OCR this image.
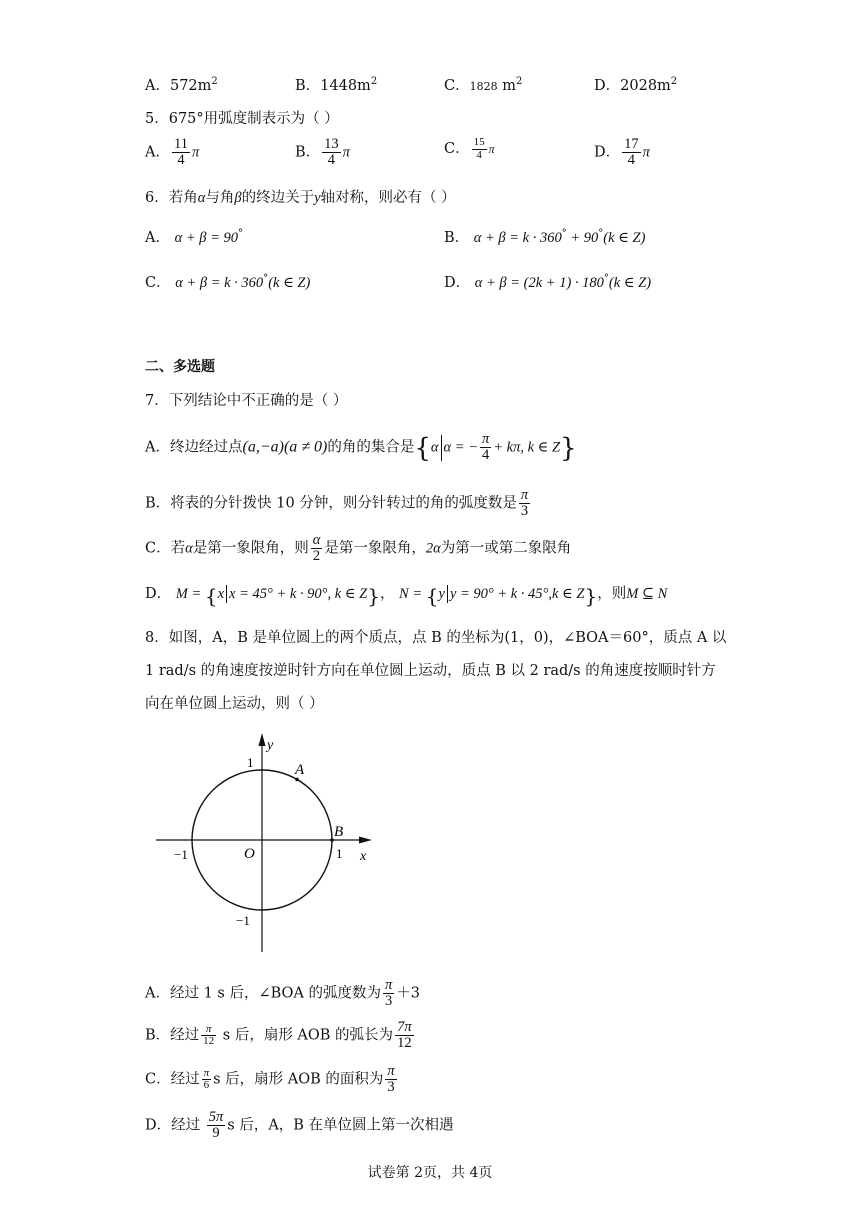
A．$572m^2$	B．$1448m^2$	C．1828 $m^2$	D．$2028m^2$
5．675°用弧度制表示为（ ）
A． $\frac{11}{4}$ π	B． $\frac{13}{4}$ π	C． $\frac{15}{4}$ π	D． $\frac{17}{4}$ π
6．若角α与角β的终边关于y轴对称，则必有（ ）
A． α + β = 90°	B． α + β = k · 360° + 90°(k ∈ Z)
C． α + β = k · 360°(k ∈ Z)	D． α + β = (2k + 1) · 180°(k ∈ Z)
二、多选题
7．下列结论中不正确的是（ ）
A．终边经过点(a,−a)(a ≠ 0)的角的集合是{α α = − $\frac{\pi}{4} + k\pi$, k ∈ Z}
B．将表的分针拨快 10 分钟，则分针转过的角的弧度数是 $\frac{\pi}{3}$
C．若α是第一象限角，则 $\frac{\alpha}{2}$ 是第一象限角，2α为第一或第二象限角
D． M = {x x = 45° + k · 90°, k ∈ Z}， N = {y y = 90° + k · 45°,k ∈ Z}，则M ⊆ N
8．如图，A，B 是单位圆上的两个质点，点 B 的坐标为(1，0)，∠BOA＝60°，质点 A 以
1 rad/s 的角速度按逆时针方向在单位圆上运动，质点 B 以 2 rad/s 的角速度按顺时针方
向在单位圆上运动，则（ ）
y
x
A
B
O
1
−1
1
−1
A．经过 1 s 后，∠BOA 的弧度数为 $\frac{\pi}{3} +3$
B．经过 $\frac{\pi}{12}$ s 后，扇形 AOB 的弧长为 $\frac{7\pi}{12}$
C．经过 $\frac{\pi}{6}$ s 后，扇形 AOB 的面积为 $\frac{\pi}{3}$
D．经过 $\frac{5\pi}{9}$ s 后，A，B 在单位圆上第一次相遇
试卷第 2页，共 4页
